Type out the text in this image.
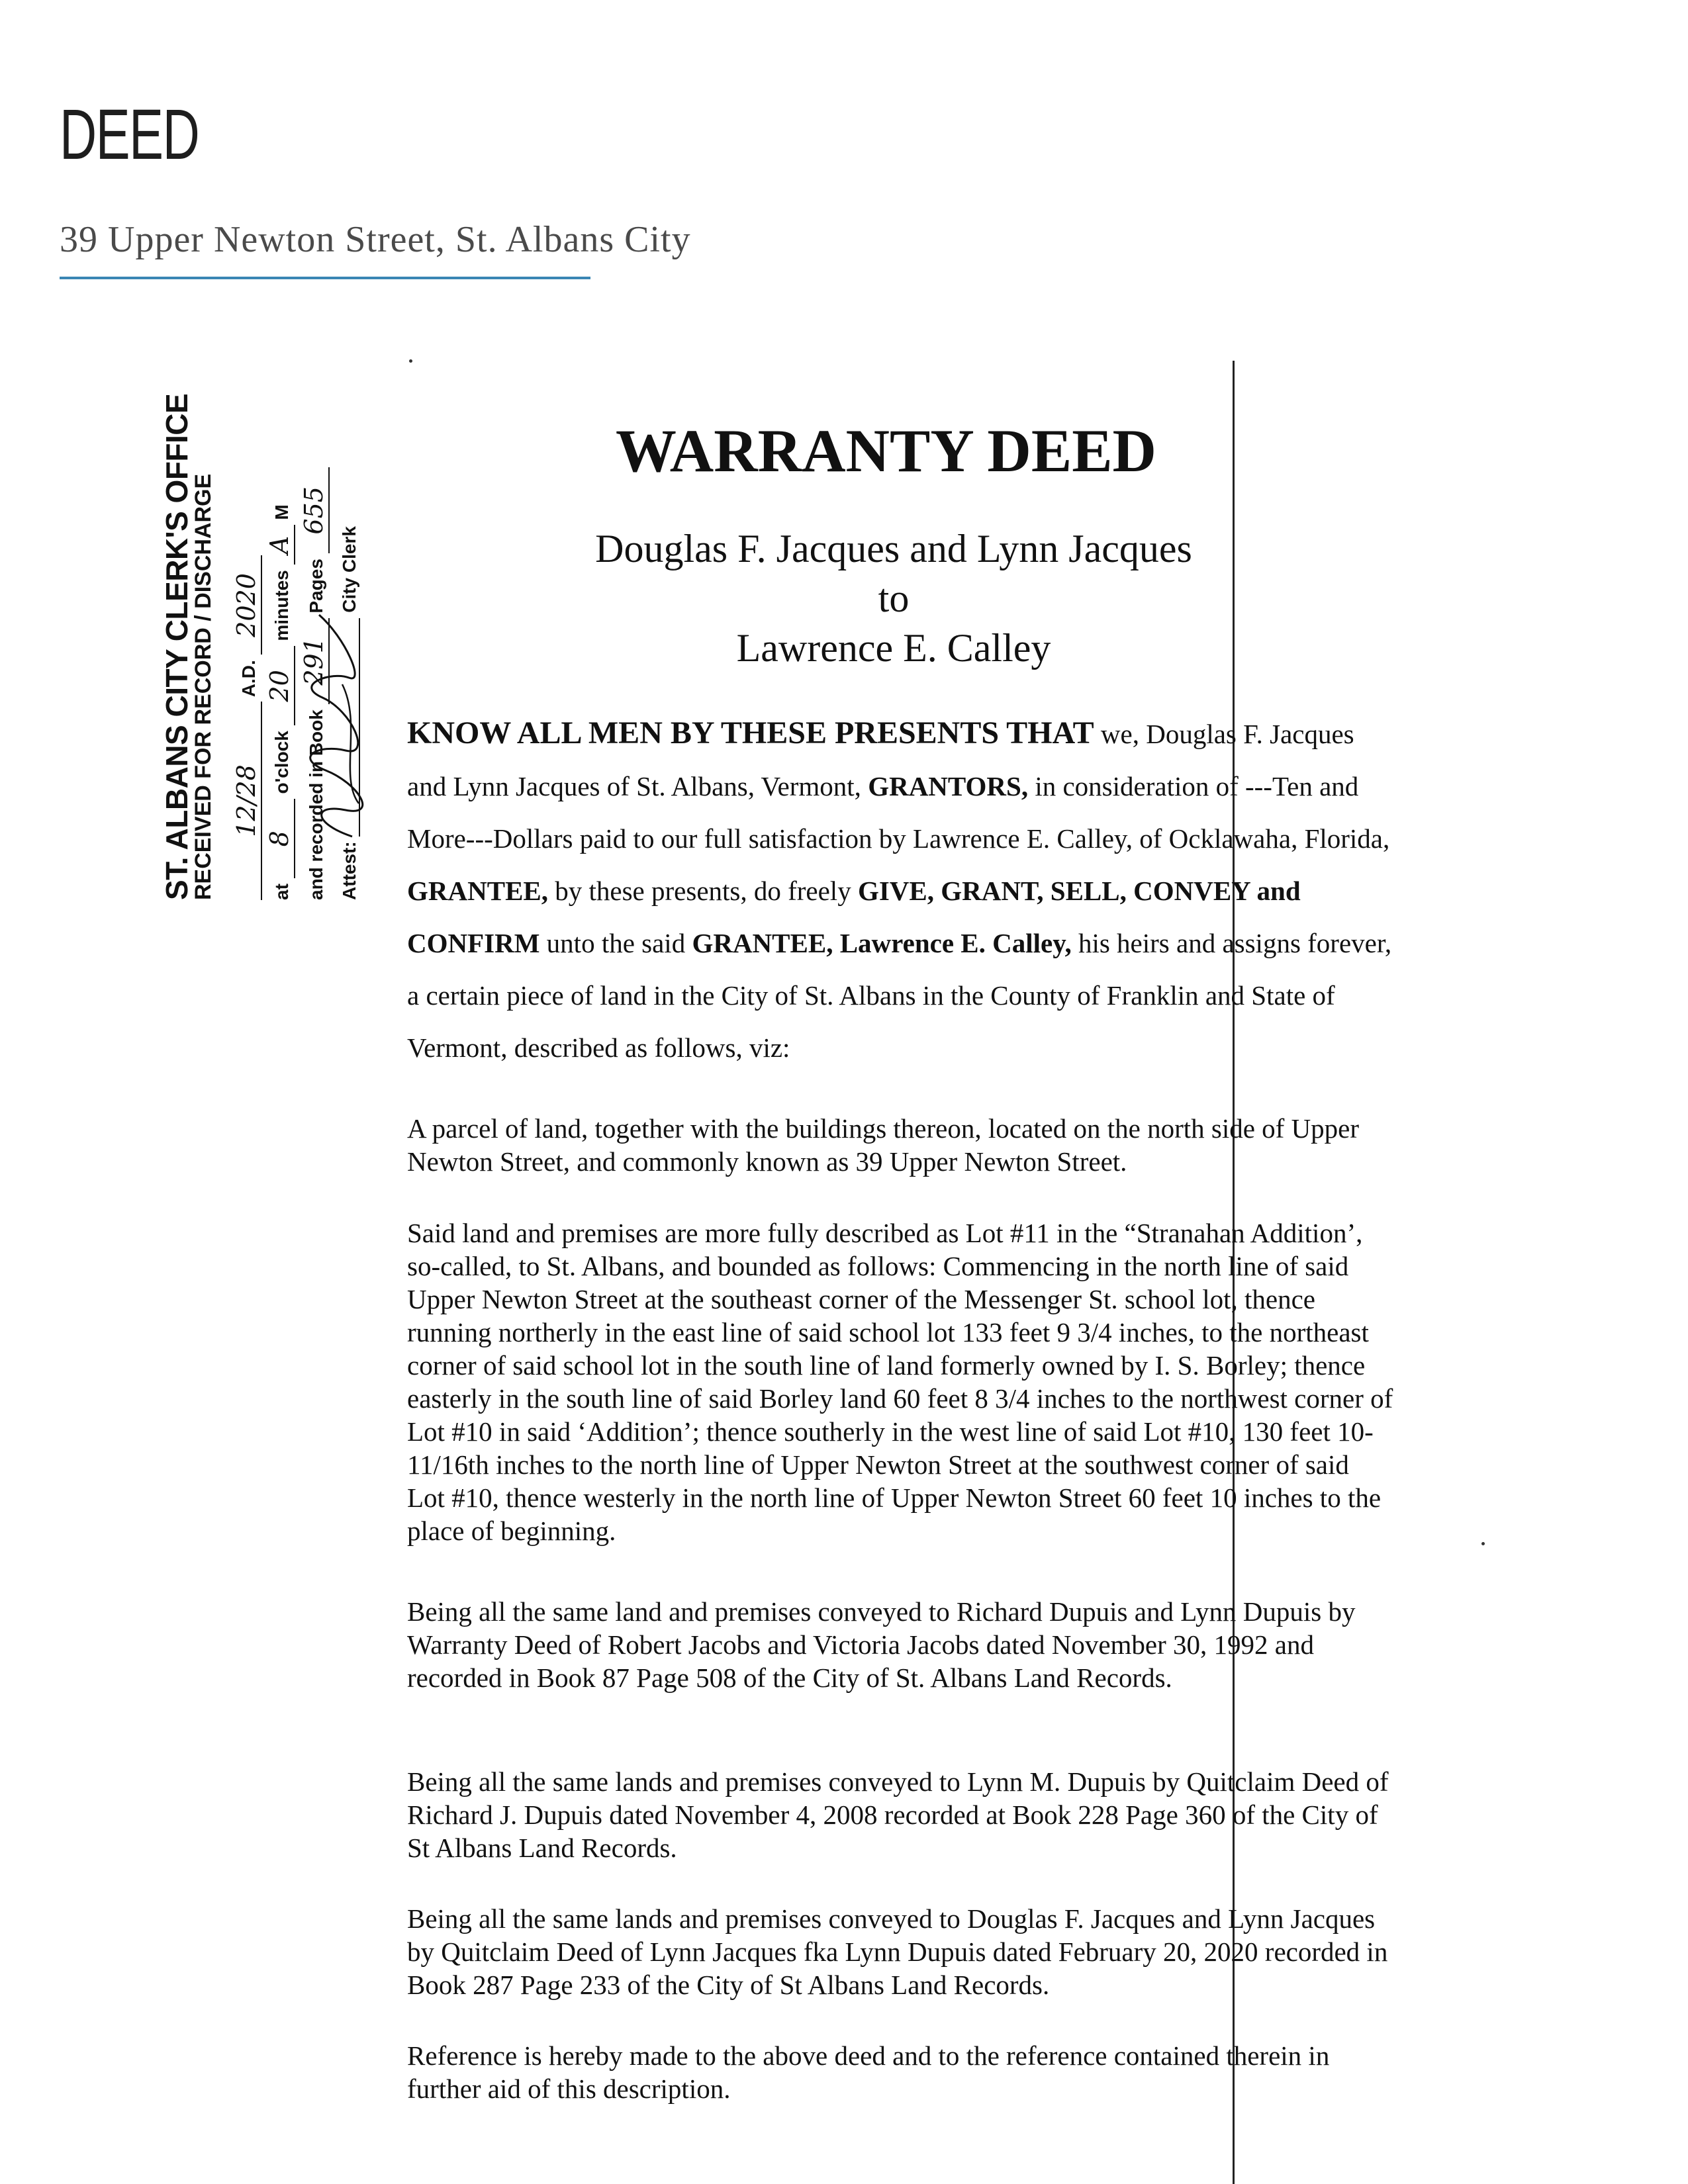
DEED
39 Upper Newton Street, St. Albans City
ST. ALBANS CITY CLERK'S OFFICE
RECEIVED FOR RECORD / DISCHARGE 12/28 A.D. 2020
at 8 o'clock 20 minutes A M
and recorded in Book 291 Pages 655
Attest:
City Clerk
WARRANTY DEED
Douglas F. Jacques and Lynn Jacques
to
Lawrence E. Calley
KNOW ALL MEN BY THESE PRESENTS THAT we, Douglas F. Jacques and Lynn Jacques of St. Albans, Vermont, GRANTORS, in consideration of ---Ten and More---Dollars paid to our full satisfaction by Lawrence E. Calley, of Ocklawaha, Florida, GRANTEE, by these presents, do freely GIVE, GRANT, SELL, CONVEY and CONFIRM unto the said GRANTEE, Lawrence E. Calley, his heirs and assigns forever, a certain piece of land in the City of St. Albans in the County of Franklin and State of Vermont, described as follows, viz:
A parcel of land, together with the buildings thereon, located on the north side of Upper Newton Street, and commonly known as 39 Upper Newton Street.
Said land and premises are more fully described as Lot #11 in the “Stranahan Addition’, so-called, to St. Albans, and bounded as follows: Commencing in the north line of said Upper Newton Street at the southeast corner of the Messenger St. school lot, thence running northerly in the east line of said school lot 133 feet 9 3/4 inches, to the northeast corner of said school lot in the south line of land formerly owned by I. S. Borley; thence easterly in the south line of said Borley land 60 feet 8 3/4 inches to the northwest corner of Lot #10 in said ‘Addition’; thence southerly in the west line of said Lot #10, 130 feet 10-11/16th inches to the north line of Upper Newton Street at the southwest corner of said Lot #10, thence westerly in the north line of Upper Newton Street 60 feet 10 inches to the place of beginning.
Being all the same land and premises conveyed to Richard Dupuis and Lynn Dupuis by Warranty Deed of Robert Jacobs and Victoria Jacobs dated November 30, 1992 and recorded in Book 87 Page 508 of the City of St. Albans Land Records.
Being all the same lands and premises conveyed to Lynn M. Dupuis by Quitclaim Deed of Richard J. Dupuis dated November 4, 2008 recorded at Book 228 Page 360 of the City of St Albans Land Records.
Being all the same lands and premises conveyed to Douglas F. Jacques and Lynn Jacques by Quitclaim Deed of Lynn Jacques fka Lynn Dupuis dated February 20, 2020 recorded in Book 287 Page 233 of the City of St Albans Land Records.
Reference is hereby made to the above deed and to the reference contained therein in further aid of this description.
